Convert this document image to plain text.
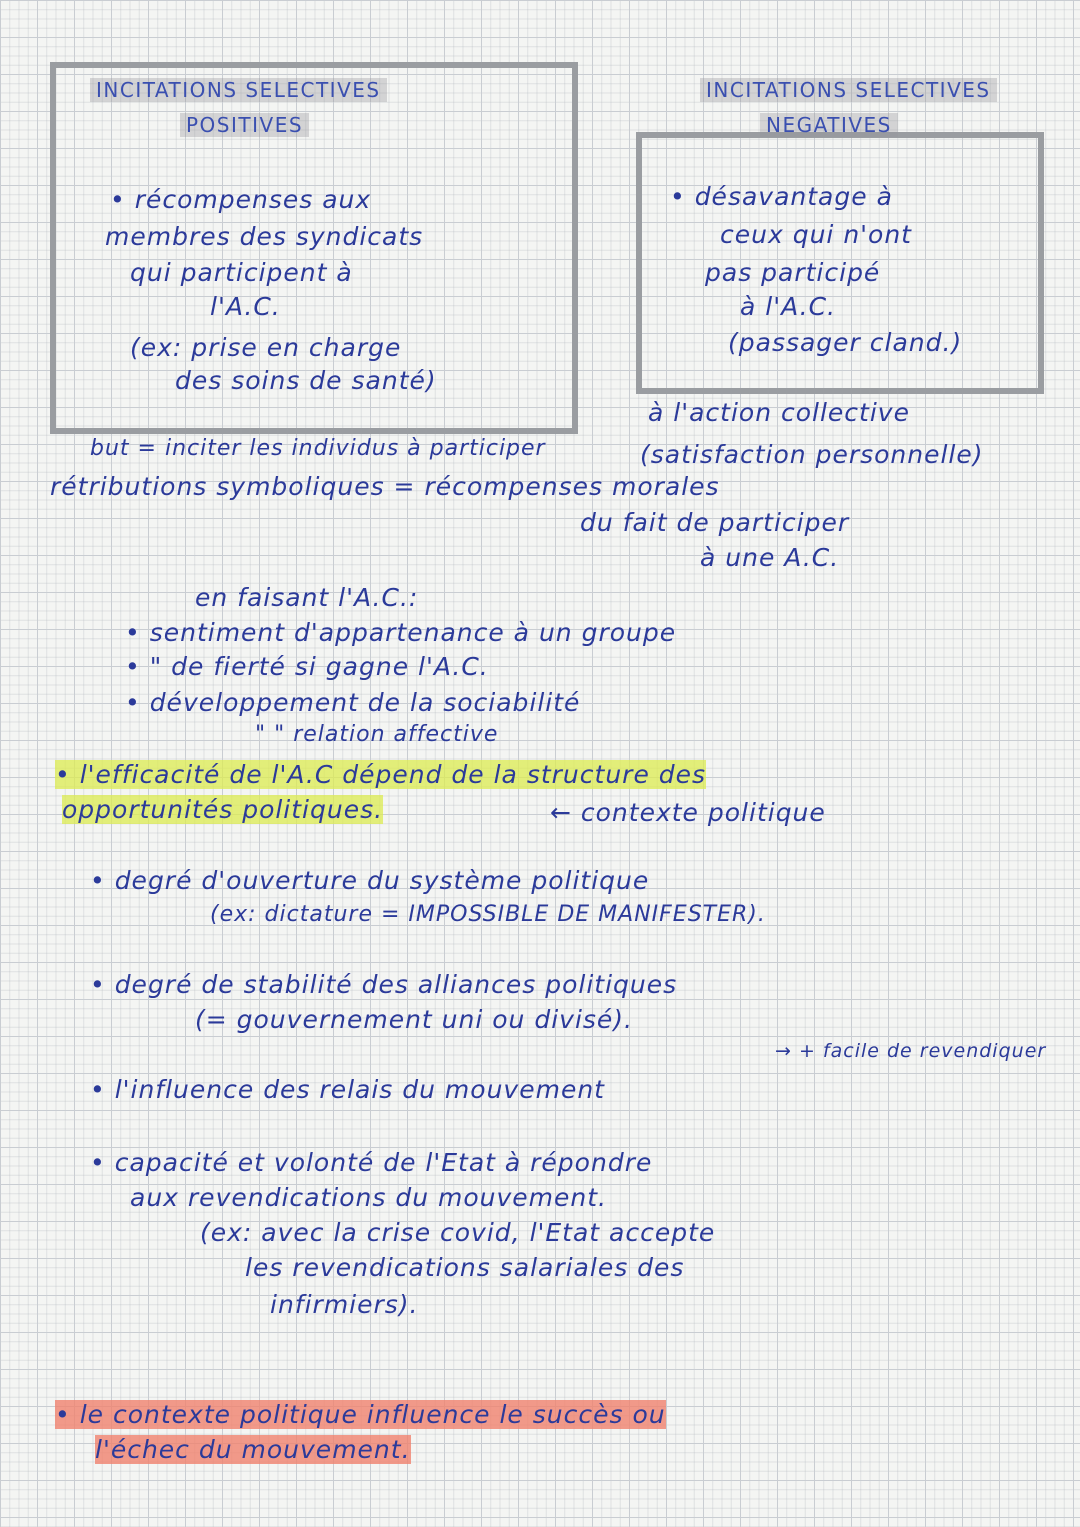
INCITATIONS SELECTIVES
POSITIVES
• récompenses aux
membres des syndicats
qui participent à
l'A.C.
(ex: prise en charge
des soins de santé)
INCITATIONS SELECTIVES
NEGATIVES
• désavantage à
ceux qui n'ont
pas participé
à l'A.C.
(passager cland.)
à l'action collective
but = inciter les individus à participer	(satisfaction personnelle)
rétributions symboliques = récompenses morales
du fait de participer
à une A.C.
en faisant l'A.C.:
• sentiment d'appartenance à un groupe
• " de fierté si gagne l'A.C.
• développement de la sociabilité
" " relation affective
• l'efficacité de l'A.C dépend de la structure des
opportunités politiques.	← contexte politique
• degré d'ouverture du système politique
(ex: dictature = IMPOSSIBLE DE MANIFESTER).
• degré de stabilité des alliances politiques
(= gouvernement uni ou divisé).
→ + facile de revendiquer
• l'influence des relais du mouvement
• capacité et volonté de l'Etat à répondre
aux revendications du mouvement.
(ex: avec la crise covid, l'Etat accepte
les revendications salariales des
infirmiers).
• le contexte politique influence le succès ou
l'échec du mouvement.
